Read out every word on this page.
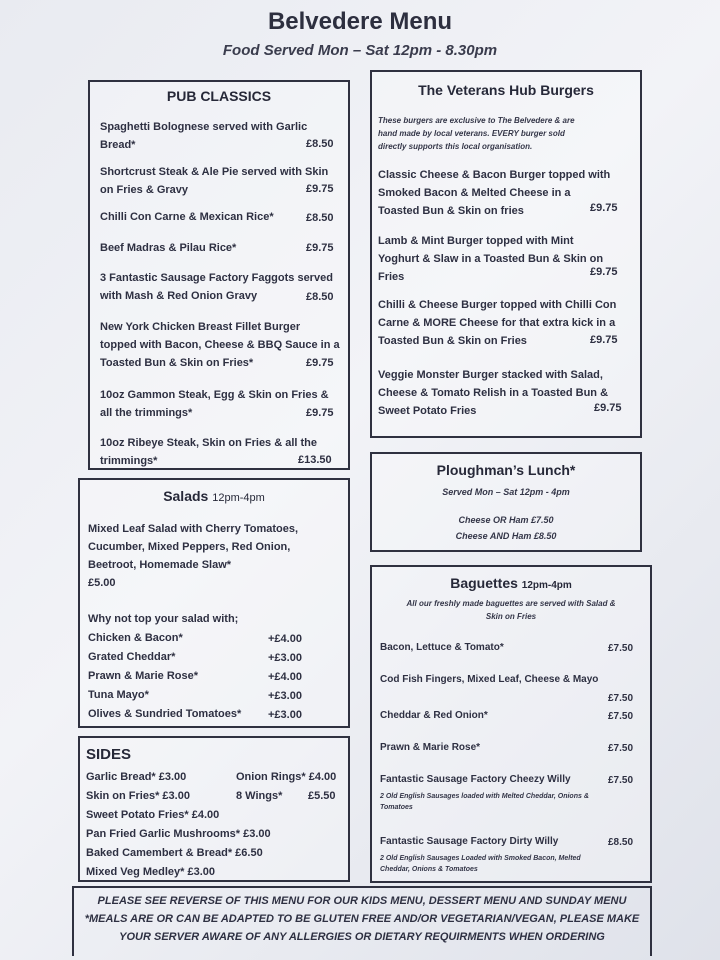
Belvedere Menu
Food Served Mon – Sat 12pm - 8.30pm
PUB CLASSICS
Spaghetti Bolognese served with Garlic
Bread*	£8.50
Shortcrust Steak & Ale Pie served with Skin
on Fries & Gravy	£9.75
Chilli Con Carne & Mexican Rice*	£8.50
Beef Madras & Pilau Rice*	£9.75
3 Fantastic Sausage Factory Faggots served
with Mash & Red Onion Gravy	£8.50
New York Chicken Breast Fillet Burger
topped with Bacon, Cheese & BBQ Sauce in a
Toasted Bun & Skin on Fries*	£9.75
10oz Gammon Steak, Egg & Skin on Fries &
all the trimmings*	£9.75
10oz Ribeye Steak, Skin on Fries & all the
trimmings*	£13.50
The Veterans Hub Burgers
These burgers are exclusive to The Belvedere & are
hand made by local veterans. EVERY burger sold
directly supports this local organisation.
Classic Cheese & Bacon Burger topped with
Smoked Bacon & Melted Cheese in a
Toasted Bun & Skin on fries	£9.75
Lamb & Mint Burger topped with Mint
Yoghurt & Slaw in a Toasted Bun & Skin on
Fries	£9.75
Chilli & Cheese Burger topped with Chilli Con
Carne & MORE Cheese for that extra kick in a
Toasted Bun & Skin on Fries	£9.75
Veggie Monster Burger stacked with Salad,
Cheese & Tomato Relish in a Toasted Bun &
Sweet Potato Fries	£9.75
Ploughman’s Lunch*
Served Mon – Sat 12pm - 4pm
Cheese OR Ham £7.50
Cheese AND Ham £8.50
Salads 12pm-4pm
Mixed Leaf Salad with Cherry Tomatoes,
Cucumber, Mixed Peppers, Red Onion,
Beetroot, Homemade Slaw*
£5.00
Why not top your salad with;
Chicken & Bacon*	+£4.00
Grated Cheddar*	+£3.00
Prawn & Marie Rose*	+£4.00
Tuna Mayo*	+£3.00
Olives & Sundried Tomatoes* +£3.00
SIDES
Garlic Bread* £3.00
Skin on Fries* £3.00
Sweet Potato Fries* £4.00
Pan Fried Garlic Mushrooms* £3.00
Baked Camembert & Bread* £6.50
Mixed Veg Medley* £3.00
Onion Rings* £4.00
8 Wings* £5.50
Baguettes 12pm-4pm
All our freshly made baguettes are served with Salad &
Skin on Fries
Bacon, Lettuce & Tomato*	£7.50
Cod Fish Fingers, Mixed Leaf, Cheese & Mayo
£7.50
Cheddar & Red Onion*	£7.50
Prawn & Marie Rose*	£7.50
Fantastic Sausage Factory Cheezy Willy	£7.50
2 Old English Sausages loaded with Melted Cheddar, Onions &
Tomatoes
Fantastic Sausage Factory Dirty Willy	£8.50
2 Old English Sausages Loaded with Smoked Bacon, Melted
Cheddar, Onions & Tomatoes
PLEASE SEE REVERSE OF THIS MENU FOR OUR KIDS MENU, DESSERT MENU AND SUNDAY MENU
*MEALS ARE OR CAN BE ADAPTED TO BE GLUTEN FREE AND/OR VEGETARIAN/VEGAN, PLEASE MAKE
YOUR SERVER AWARE OF ANY ALLERGIES OR DIETARY REQUIRMENTS WHEN ORDERING
